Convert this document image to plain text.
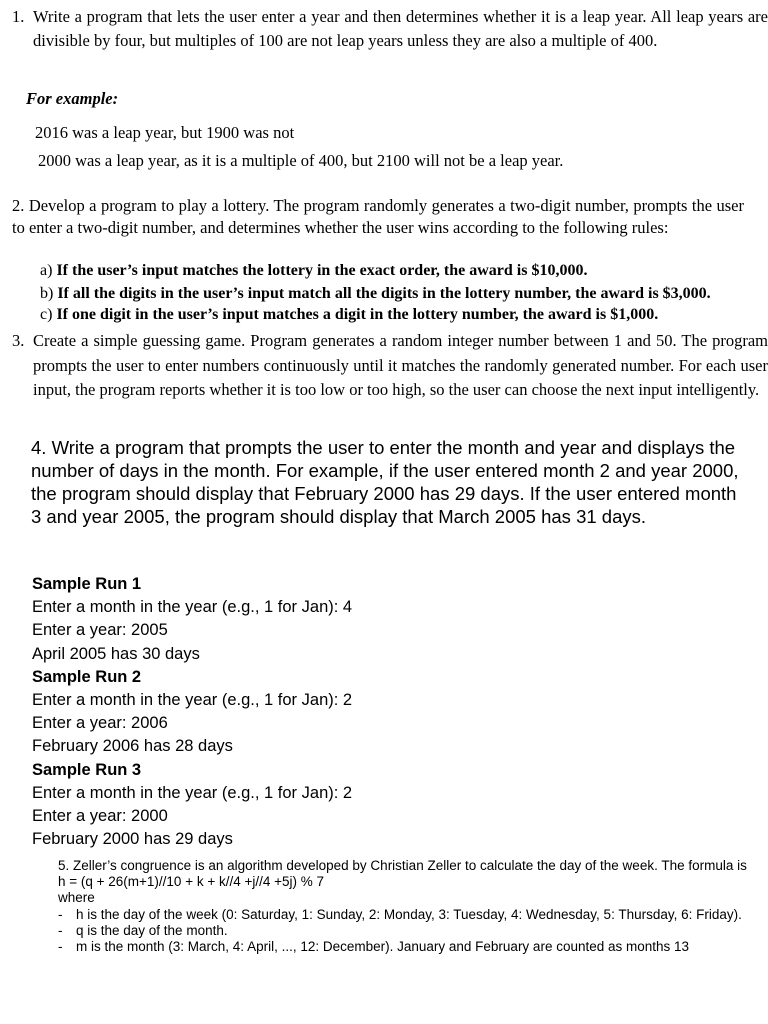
1. Write a program that lets the user enter a year and then determines whether it is a leap year. All leap years are divisible by four, but multiples of 100 are not leap years unless they are also a multiple of 400.
For example:
2016 was a leap year, but 1900 was not
2000 was a leap year, as it is a multiple of 400, but 2100 will not be a leap year.
2. Develop a program to play a lottery. The program randomly generates a two-digit number, prompts the user to enter a two-digit number, and determines whether the user wins according to the following rules:
a) If the user’s input matches the lottery in the exact order, the award is $10,000.
b) If all the digits in the user’s input match all the digits in the lottery number, the award is $3,000.
c) If one digit in the user’s input matches a digit in the lottery number, the award is $1,000.
3. Create a simple guessing game. Program generates a random integer number between 1 and 50. The program prompts the user to enter numbers continuously until it matches the randomly generated number. For each user input, the program reports whether it is too low or too high, so the user can choose the next input intelligently.
4. Write a program that prompts the user to enter the month and year and displays the number of days in the month. For example, if the user entered month 2 and year 2000, the program should display that February 2000 has 29 days. If the user entered month 3 and year 2005, the program should display that March 2005 has 31 days.
Sample Run 1
Enter a month in the year (e.g., 1 for Jan): 4
Enter a year: 2005
April 2005 has 30 days
Sample Run 2
Enter a month in the year (e.g., 1 for Jan): 2
Enter a year: 2006
February 2006 has 28 days
Sample Run 3
Enter a month in the year (e.g., 1 for Jan): 2
Enter a year: 2000
February 2000 has 29 days
5. Zeller’s congruence is an algorithm developed by Christian Zeller to calculate the day of the week. The formula is
h = (q + 26(m+1)//10 + k + k//4 +j//4 +5j) % 7
where
- h is the day of the week (0: Saturday, 1: Sunday, 2: Monday, 3: Tuesday, 4: Wednesday, 5: Thursday, 6: Friday).
- q is the day of the month.
- m is the month (3: March, 4: April, ..., 12: December). January and February are counted as months 13
